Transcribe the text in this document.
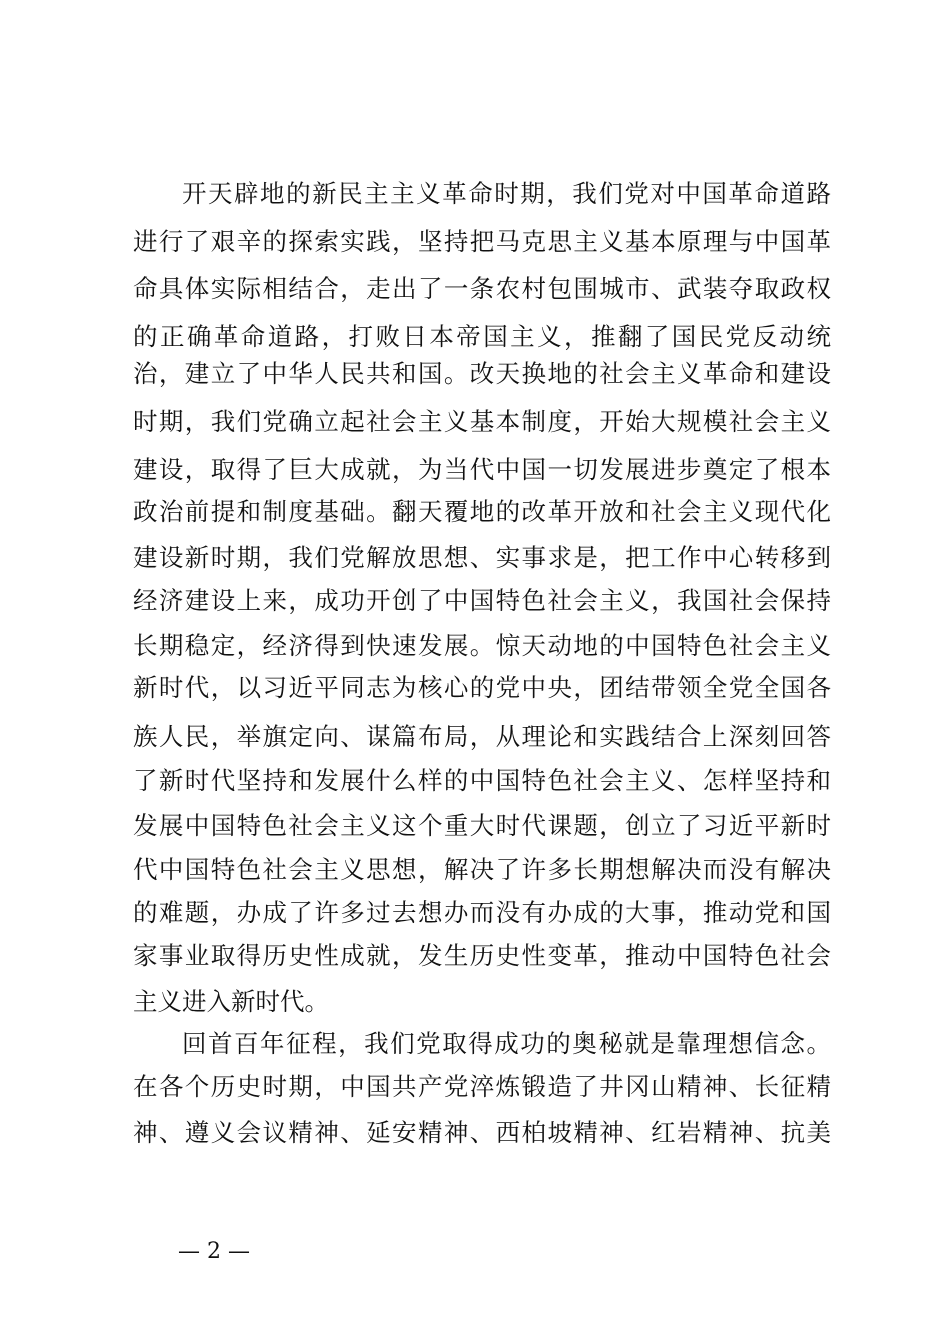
开天辟地的新民主主义革命时期，我们党对中国革命道路

进行了艰辛的探索实践，坚持把马克思主义基本原理与中国革

命具体实际相结合，走出了一条农村包围城市、武装夺取政权

的正确革命道路，打败日本帝国主义，推翻了国民党反动统

治，建立了中华人民共和国。改天换地的社会主义革命和建设

时期，我们党确立起社会主义基本制度，开始大规模社会主义

建设，取得了巨大成就，为当代中国一切发展进步奠定了根本

政治前提和制度基础。翻天覆地的改革开放和社会主义现代化

建设新时期，我们党解放思想、实事求是，把工作中心转移到

经济建设上来，成功开创了中国特色社会主义，我国社会保持

长期稳定，经济得到快速发展。惊天动地的中国特色社会主义

新时代，以习近平同志为核心的党中央，团结带领全党全国各

族人民，举旗定向、谋篇布局，从理论和实践结合上深刻回答

了新时代坚持和发展什么样的中国特色社会主义、怎样坚持和

发展中国特色社会主义这个重大时代课题，创立了习近平新时

代中国特色社会主义思想，解决了许多长期想解决而没有解决

的难题，办成了许多过去想办而没有办成的大事，推动党和国

家事业取得历史性成就，发生历史性变革，推动中国特色社会

主义进入新时代。

回首百年征程，我们党取得成功的奥秘就是靠理想信念。

在各个历史时期，中国共产党淬炼锻造了井冈山精神、长征精

神、遵义会议精神、延安精神、西柏坡精神、红岩精神、抗美

— 2 —
